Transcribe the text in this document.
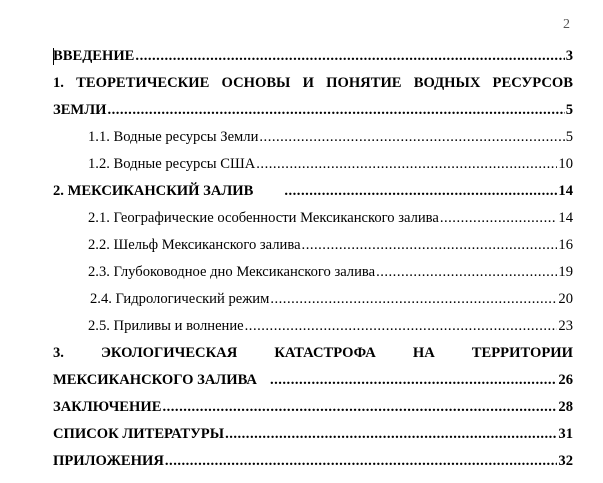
2
ВВЕДЕНИЕ .....	3
1. ТЕОРЕТИЧЕСКИЕ ОСНОВЫ И ПОНЯТИЕ ВОДНЫХ РЕСУРСОВ
ЗЕМЛИ .....	5
1.1. Водные ресурсы Земли .....	5
1.2. Водные ресурсы США .....	10
2. МЕКСИКАНСКИЙ ЗАЛИВ .....	14
2.1. Географические особенности Мексиканского залива .....	14
2.2. Шельф Мексиканского залива .....	16
2.3. Глубоководное дно Мексиканского залива .....	19
2.4. Гидрологический режим .....	20
2.5. Приливы и волнение .....	23
3.	ЭКОЛОГИЧЕСКАЯ	КАТАСТРОФА	НА	ТЕРРИТОРИИ
МЕКСИКАНСКОГО ЗАЛИВА .....	26
ЗАКЛЮЧЕНИЕ .....	28
СПИСОК ЛИТЕРАТУРЫ .....	31
ПРИЛОЖЕНИЯ .....	32
